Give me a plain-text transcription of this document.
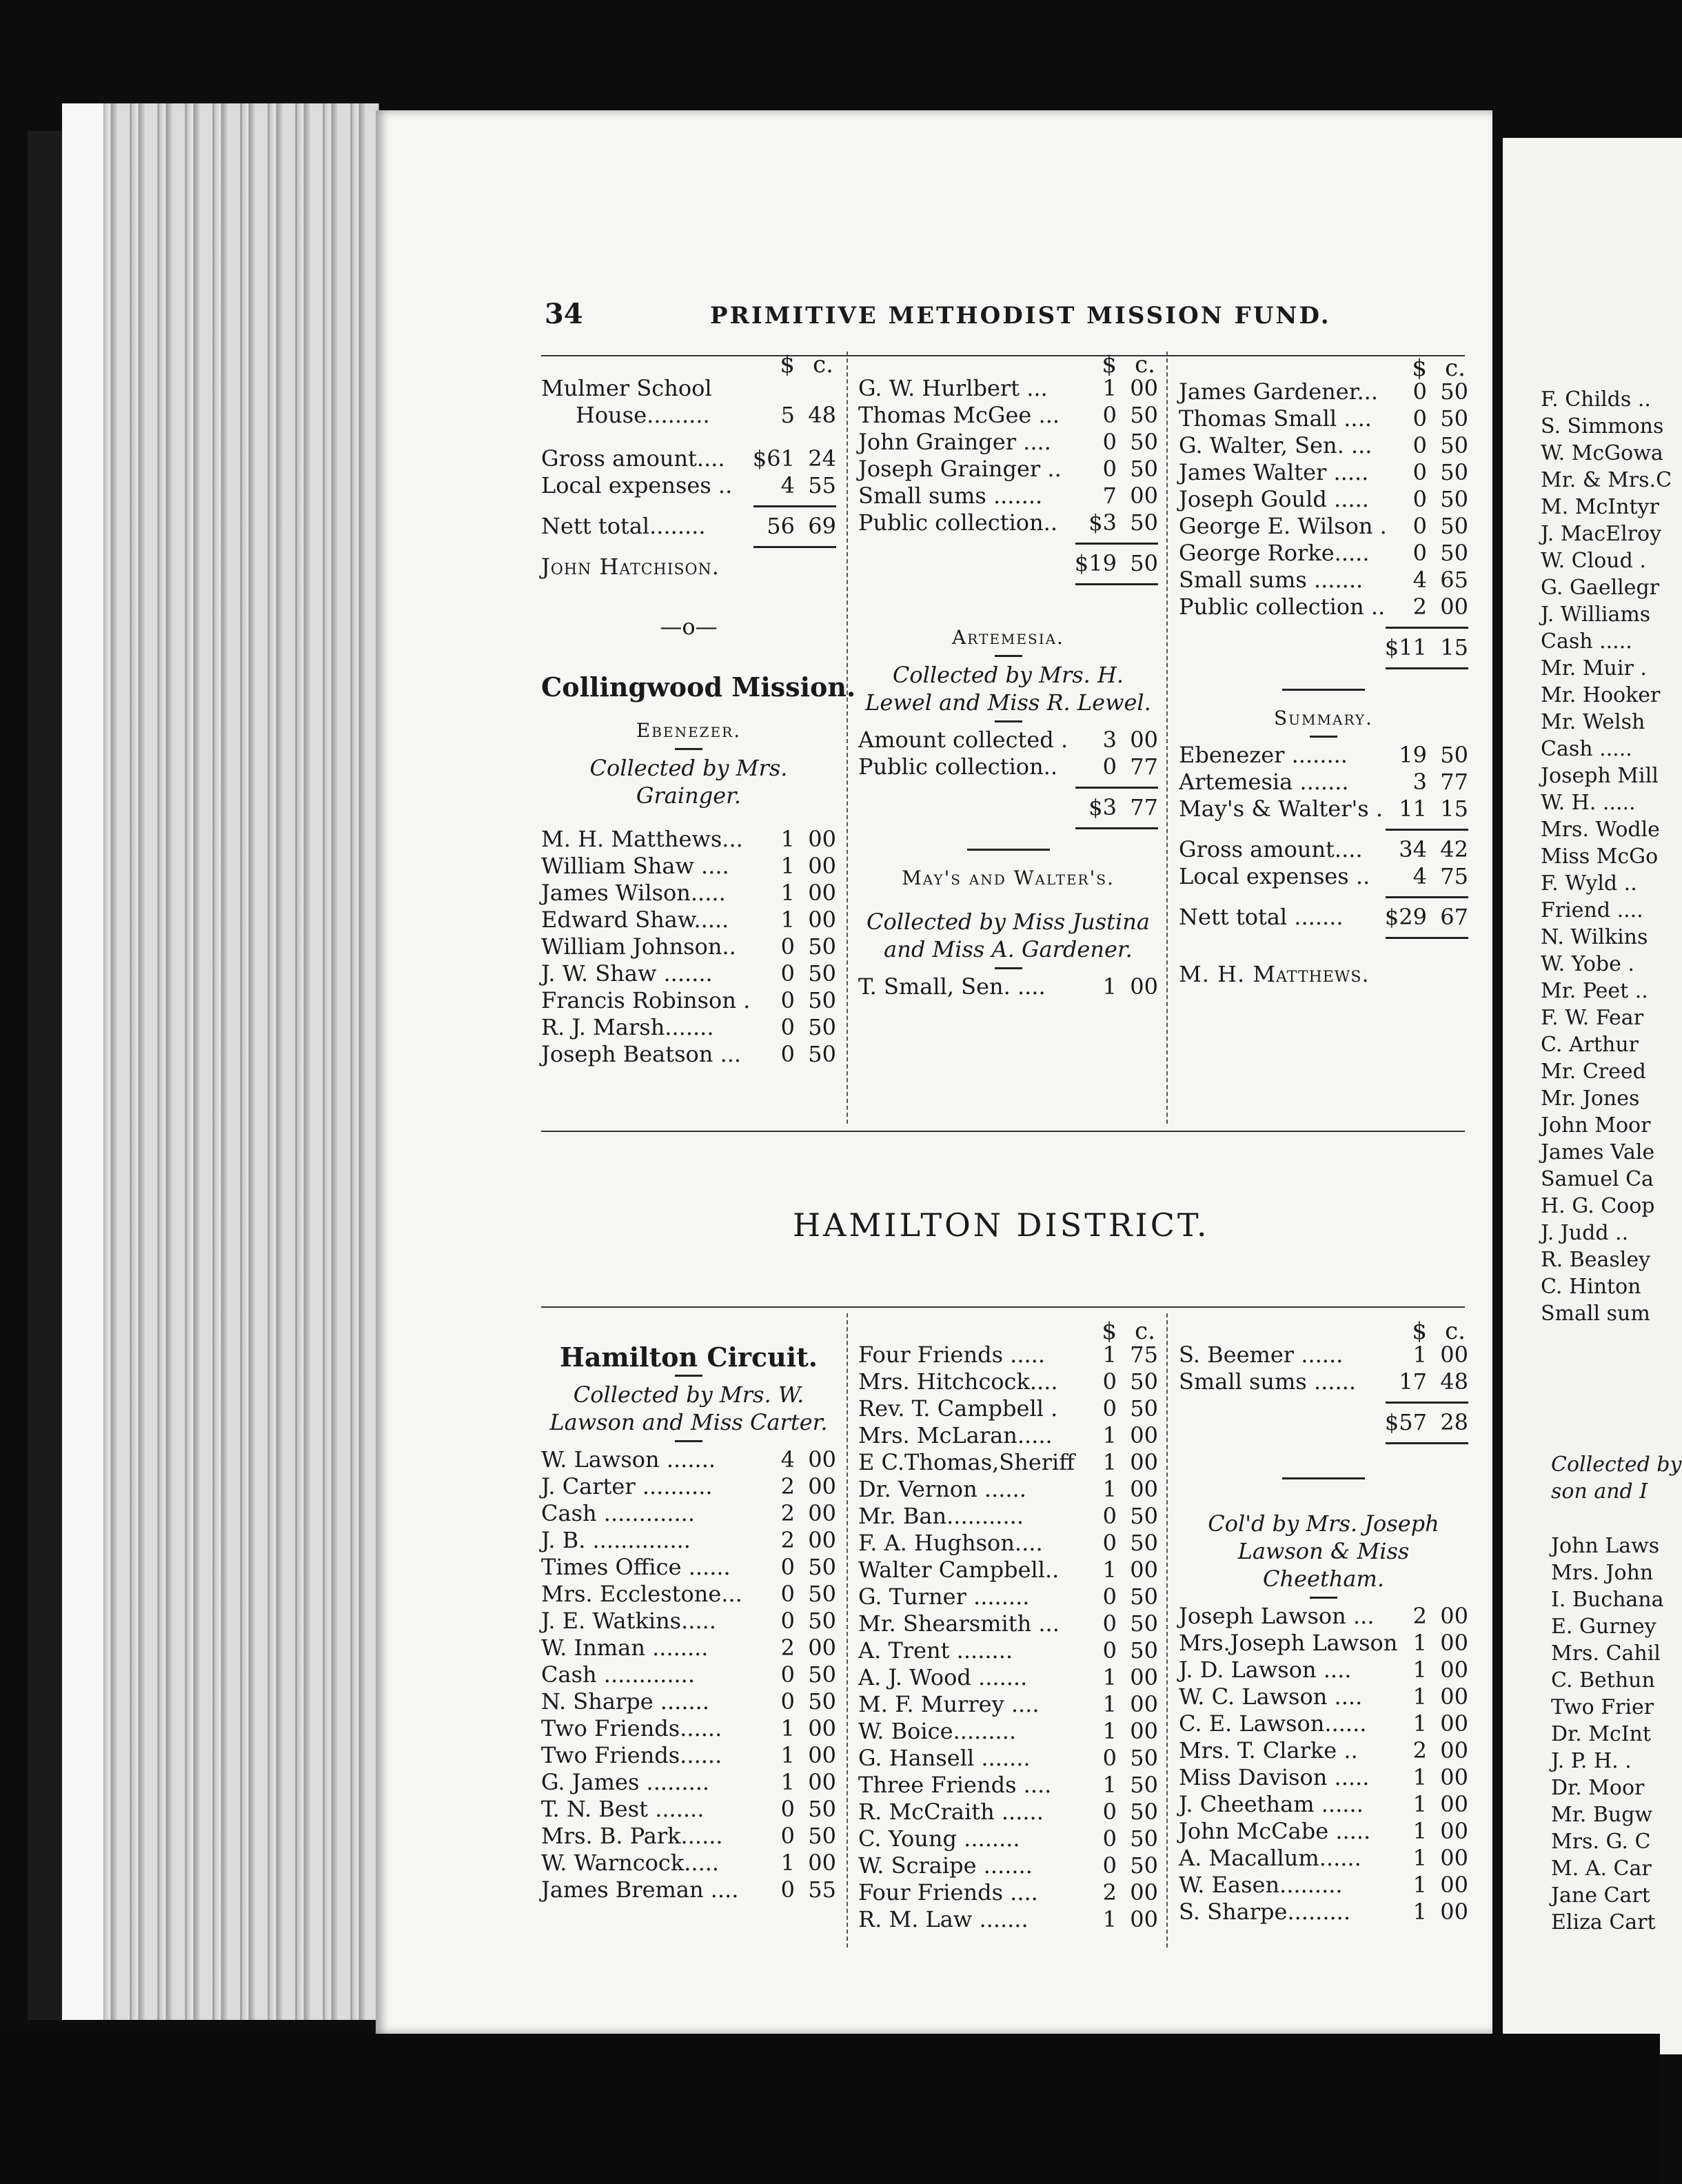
34	PRIMITIVE METHODIST MISSION FUND.
$ c.
Mulmer School
House.........	5 48
Gross amount.... $61 24
Local expenses .. 4 55
Nett total........	56 69
John Hatchison.
—o—
Collingwood Mission.
Ebenezer.
Collected by Mrs. Grainger.
M. H. Matthews... 1 00
William Shaw .... 1 00
James Wilson..... 1 00
Edward Shaw..... 1 00
William Johnson.. 0 50
J. W. Shaw .......	0 50
Francis Robinson . 0 50
R. J. Marsh.......	0 50
Joseph Beatson ... 0 50
$ c.
G. W. Hurlbert ... 1 00
Thomas McGee ... 0 50
John Grainger .... 0 50
Joseph Grainger .. 0 50
Small sums .......	7 00
Public collection.. $3 50
$19 50
Artemesia.
Collected by Mrs. H. Lewel and Miss R. Lewel.
Amount collected . 3 00
Public collection.. 0 77
$3 77
May's and Walter's.
Collected by Miss Justina and Miss A. Gardener.
T. Small, Sen. ....	1 00
$ c.
James Gardener... 0 50
Thomas Small .... 0 50
G. Walter, Sen. ... 0 50
James Walter ..... 0 50
Joseph Gould ..... 0 50
George E. Wilson . 0 50
George Rorke..... 0 50
Small sums ....... 4 65
Public collection .. 2 00
$11 15
Summary.
Ebenezer ........ 19 50
Artemesia .......	3 77
May's & Walter's . 11 15
Gross amount.... 34 42
Local expenses .. 4 75
Nett total ....... $29 67
M. H. Matthews.
HAMILTON DISTRICT.
Hamilton Circuit.
Collected by Mrs. W. Lawson and Miss Carter.
W. Lawson .......	4 00
J. Carter ..........	2 00
Cash .............	2 00
J. B. ..............	2 00
Times Office ...... 0 50
Mrs. Ecclestone... 0 50
J. E. Watkins.....	0 50
W. Inman ........	2 00
Cash .............	0 50
N. Sharpe .......	0 50
Two Friends......	1 00
Two Friends......	1 00
G. James .........	1 00
T. N. Best .......	0 50
Mrs. B. Park......	0 50
W. Warncock.....	1 00
James Breman .... 0 55
$ c.
Four Friends .....	1 75
Mrs. Hitchcock.... 0 50
Rev. T. Campbell . 0 50
Mrs. McLaran..... 1 00
E C.Thomas,Sheriff 1 00
Dr. Vernon ......	1 00
Mr. Ban...........	0 50
F. A. Hughson....	0 50
Walter Campbell.. 1 00
G. Turner ........	0 50
Mr. Shearsmith ... 0 50
A. Trent ........	0 50
A. J. Wood .......	1 00
M. F. Murrey ....	1 00
W. Boice.........	1 00
G. Hansell .......	0 50
Three Friends .... 1 50
R. McCraith ......	0 50
C. Young ........	0 50
W. Scraipe .......	0 50
Four Friends ....	2 00
R. M. Law .......	1 00
$ c.
S. Beemer ......	1 00
Small sums ...... 17 48
$57 28
Col'd by Mrs. Joseph Lawson & Miss Cheetham.
Joseph Lawson ... 2 00
Mrs.Joseph Lawson 1 00
J. D. Lawson ....	1 00
W. C. Lawson .... 1 00
C. E. Lawson...... 1 00
Mrs. T. Clarke .. 2 00
Miss Davison ..... 1 00
J. Cheetham ...... 1 00
John McCabe ..... 1 00
A. Macallum...... 1 00
W. Easen.........	1 00
S. Sharpe.........	1 00
F. Childs ..
S. Simmons
W. McGowa
Mr. & Mrs.C
M. McIntyr
J. MacElroy
W. Cloud .
G. Gaellegr
J. Williams
Cash .....
Mr. Muir .
Mr. Hooker
Mr. Welsh
Cash .....
Joseph Mill
W. H. .....
Mrs. Wodle
Miss McGo
F. Wyld ..
Friend ....
N. Wilkins
W. Yobe .
Mr. Peet ..
F. W. Fear
C. Arthur
Mr. Creed
Mr. Jones
John Moor
James Vale
Samuel Ca
H. G. Coop
J. Judd ..
R. Beasley
C. Hinton
Small sum
Collected by
son and I
John Laws
Mrs. John
I. Buchana
E. Gurney
Mrs. Cahil
C. Bethun
Two Frier
Dr. McInt
J. P. H. .
Dr. Moor
Mr. Bugw
Mrs. G. C
M. A. Car
Jane Cart
Eliza Cart
